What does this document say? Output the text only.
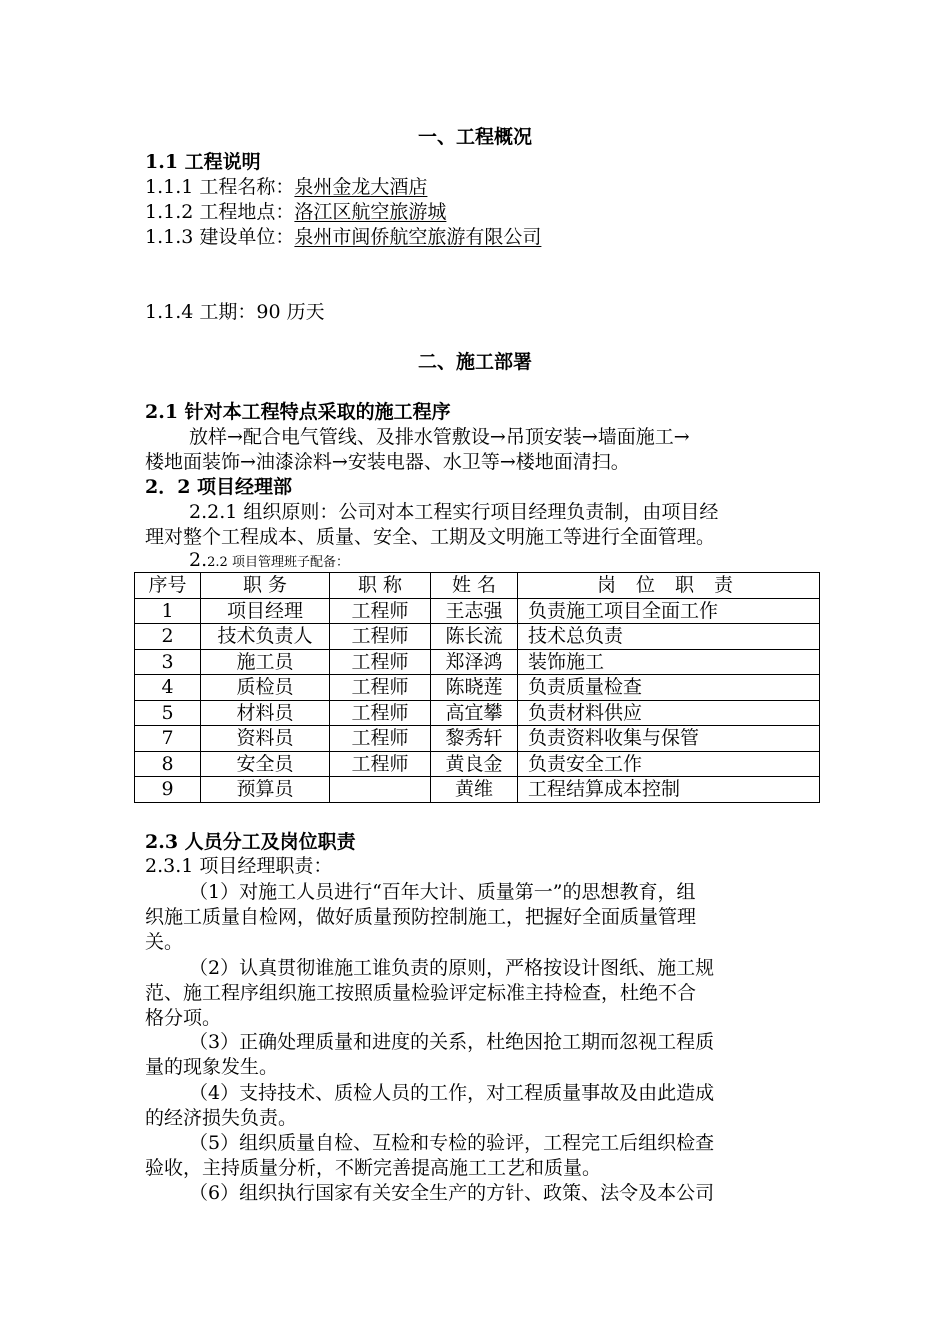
一、工程概况
1.1 工程说明
1.1.1 工程名称：泉州金龙大酒店
1.1.2 工程地点：洛江区航空旅游城
1.1.3 建设单位：泉州市闽侨航空旅游有限公司
1.1.4 工期：90 历天
二、施工部署
2.1 针对本工程特点采取的施工程序
放样→配合电气管线、及排水管敷设→吊顶安装→墙面施工→
楼地面装饰→油漆涂料→安装电器、水卫等→楼地面清扫。
2．2 项目经理部
2.2.1 组织原则：公司对本工程实行项目经理负责制，由项目经
理对整个工程成本、质量、安全、工期及文明施工等进行全面管理。
2.2.2 项目管理班子配备：
序号	职 务	职 称	姓 名	岗 位 职 责
1	项目经理	工程师	王志强	负责施工项目全面工作
2	技术负责人	工程师	陈长流	技术总负责
3	施工员	工程师	郑泽鸿	装饰施工
4	质检员	工程师	陈晓莲	负责质量检查
5	材料员	工程师	高宜攀	负责材料供应
7	资料员	工程师	黎秀轩	负责资料收集与保管
8	安全员	工程师	黄良金	负责安全工作
9	预算员		黄维	工程结算成本控制
2.3 人员分工及岗位职责
2.3.1 项目经理职责：
（1）对施工人员进行“百年大计、质量第一”的思想教育，组
织施工质量自检网，做好质量预防控制施工，把握好全面质量管理
关。
（2）认真贯彻谁施工谁负责的原则，严格按设计图纸、施工规
范、施工程序组织施工按照质量检验评定标准主持检查，杜绝不合
格分项。
（3）正确处理质量和进度的关系，杜绝因抢工期而忽视工程质
量的现象发生。
（4）支持技术、质检人员的工作，对工程质量事故及由此造成
的经济损失负责。
（5）组织质量自检、互检和专检的验评，工程完工后组织检查
验收，主持质量分析，不断完善提高施工工艺和质量。
（6）组织执行国家有关安全生产的方针、政策、法令及本公司
